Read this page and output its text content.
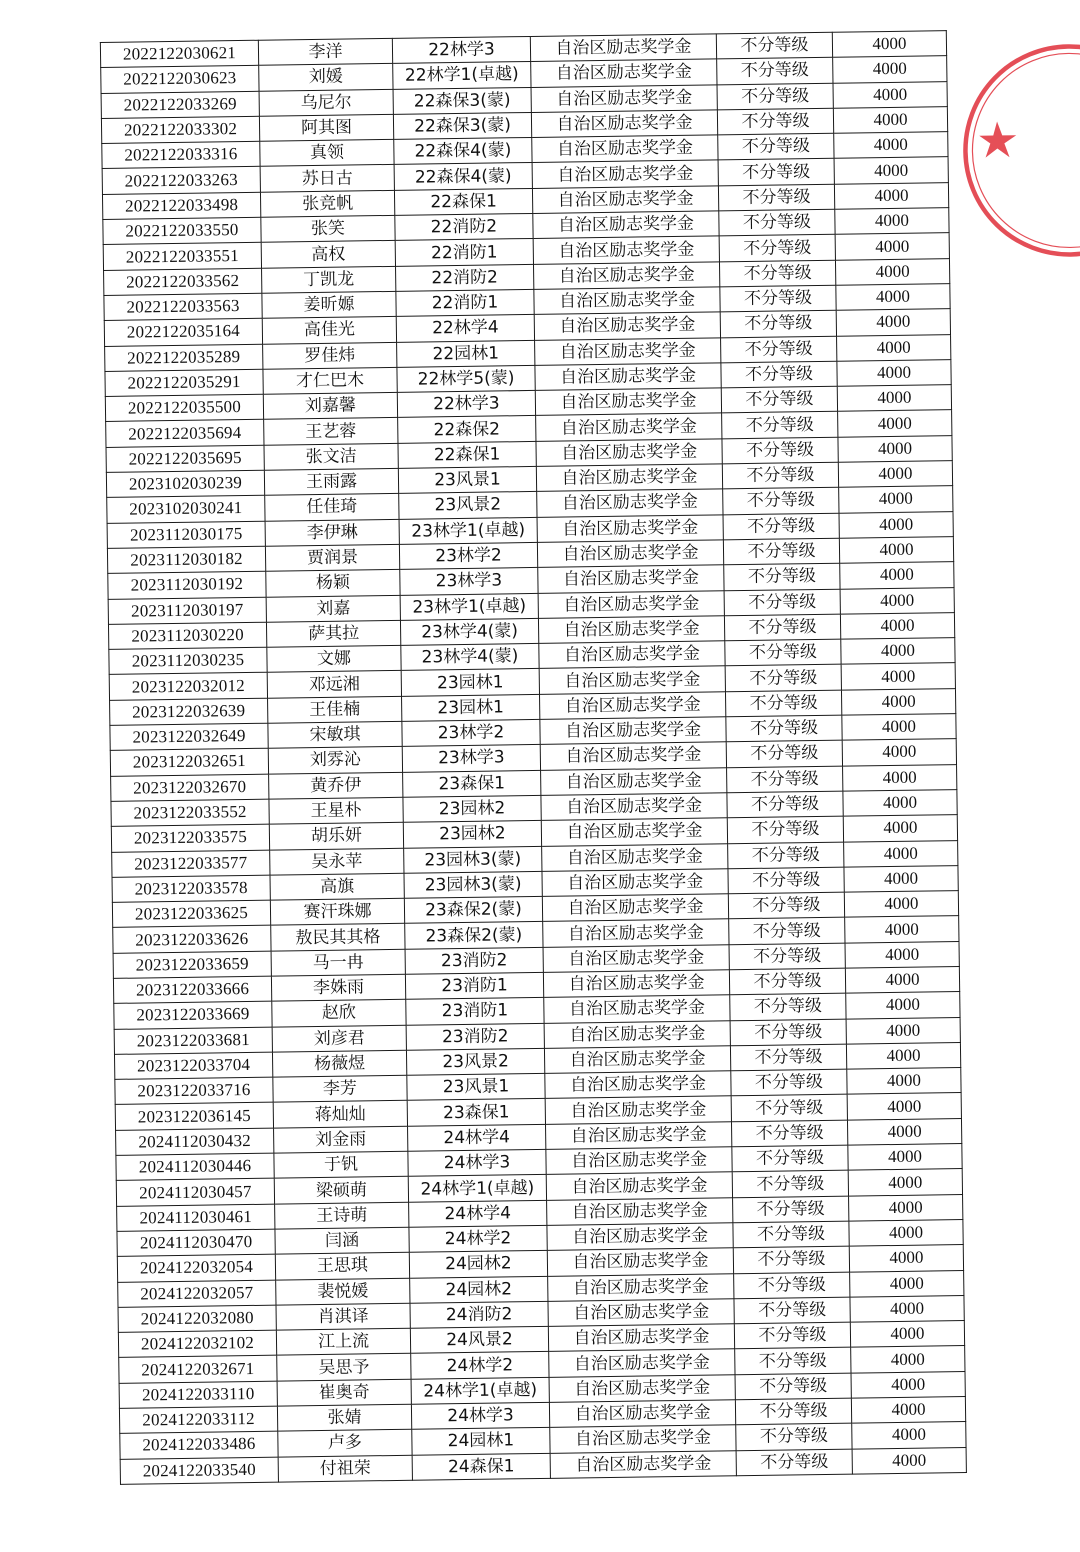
2022122030621	李洋	22林学3	自治区励志奖学金	不分等级	4000
2022122030623	刘媛	22林学1(卓越)	自治区励志奖学金	不分等级	4000
2022122033269	乌尼尔	22森保3(蒙)	自治区励志奖学金	不分等级	4000
2022122033302	阿其图	22森保3(蒙)	自治区励志奖学金	不分等级	4000
2022122033316	真领	22森保4(蒙)	自治区励志奖学金	不分等级	4000
2022122033263	苏日古	22森保4(蒙)	自治区励志奖学金	不分等级	4000
2022122033498	张竞帆	22森保1	自治区励志奖学金	不分等级	4000
2022122033550	张笑	22消防2	自治区励志奖学金	不分等级	4000
2022122033551	高权	22消防1	自治区励志奖学金	不分等级	4000
2022122033562	丁凯龙	22消防2	自治区励志奖学金	不分等级	4000
2022122033563	姜昕嫄	22消防1	自治区励志奖学金	不分等级	4000
2022122035164	高佳光	22林学4	自治区励志奖学金	不分等级	4000
2022122035289	罗佳炜	22园林1	自治区励志奖学金	不分等级	4000
2022122035291	才仁巴木	22林学5(蒙)	自治区励志奖学金	不分等级	4000
2022122035500	刘嘉馨	22林学3	自治区励志奖学金	不分等级	4000
2022122035694	王艺蓉	22森保2	自治区励志奖学金	不分等级	4000
2022122035695	张文洁	22森保1	自治区励志奖学金	不分等级	4000
2023102030239	王雨露	23风景1	自治区励志奖学金	不分等级	4000
2023102030241	任佳琦	23风景2	自治区励志奖学金	不分等级	4000
2023112030175	李伊琳	23林学1(卓越)	自治区励志奖学金	不分等级	4000
2023112030182	贾润景	23林学2	自治区励志奖学金	不分等级	4000
2023112030192	杨颖	23林学3	自治区励志奖学金	不分等级	4000
2023112030197	刘嘉	23林学1(卓越)	自治区励志奖学金	不分等级	4000
2023112030220	萨其拉	23林学4(蒙)	自治区励志奖学金	不分等级	4000
2023112030235	文娜	23林学4(蒙)	自治区励志奖学金	不分等级	4000
2023122032012	邓远湘	23园林1	自治区励志奖学金	不分等级	4000
2023122032639	王佳楠	23园林1	自治区励志奖学金	不分等级	4000
2023122032649	宋敏琪	23林学2	自治区励志奖学金	不分等级	4000
2023122032651	刘雰沁	23林学3	自治区励志奖学金	不分等级	4000
2023122032670	黄乔伊	23森保1	自治区励志奖学金	不分等级	4000
2023122033552	王星朴	23园林2	自治区励志奖学金	不分等级	4000
2023122033575	胡乐妍	23园林2	自治区励志奖学金	不分等级	4000
2023122033577	吴永苹	23园林3(蒙)	自治区励志奖学金	不分等级	4000
2023122033578	高旗	23园林3(蒙)	自治区励志奖学金	不分等级	4000
2023122033625	赛汗珠娜	23森保2(蒙)	自治区励志奖学金	不分等级	4000
2023122033626	敖民其其格	23森保2(蒙)	自治区励志奖学金	不分等级	4000
2023122033659	马一冉	23消防2	自治区励志奖学金	不分等级	4000
2023122033666	李姝雨	23消防1	自治区励志奖学金	不分等级	4000
2023122033669	赵欣	23消防1	自治区励志奖学金	不分等级	4000
2023122033681	刘彦君	23消防2	自治区励志奖学金	不分等级	4000
2023122033704	杨薇煜	23风景2	自治区励志奖学金	不分等级	4000
2023122033716	李芳	23风景1	自治区励志奖学金	不分等级	4000
2023122036145	蒋灿灿	23森保1	自治区励志奖学金	不分等级	4000
2024112030432	刘金雨	24林学4	自治区励志奖学金	不分等级	4000
2024112030446	于钒	24林学3	自治区励志奖学金	不分等级	4000
2024112030457	梁硕萌	24林学1(卓越)	自治区励志奖学金	不分等级	4000
2024112030461	王诗萌	24林学4	自治区励志奖学金	不分等级	4000
2024112030470	闫涵	24林学2	自治区励志奖学金	不分等级	4000
2024122032054	王思琪	24园林2	自治区励志奖学金	不分等级	4000
2024122032057	裴悦媛	24园林2	自治区励志奖学金	不分等级	4000
2024122032080	肖淇译	24消防2	自治区励志奖学金	不分等级	4000
2024122032102	江上流	24风景2	自治区励志奖学金	不分等级	4000
2024122032671	吴思予	24林学2	自治区励志奖学金	不分等级	4000
2024122033110	崔奥奇	24林学1(卓越)	自治区励志奖学金	不分等级	4000
2024122033112	张婧	24林学3	自治区励志奖学金	不分等级	4000
2024122033486	卢多	24园林1	自治区励志奖学金	不分等级	4000
2024122033540	付祖荣	24森保1	自治区励志奖学金	不分等级	4000
